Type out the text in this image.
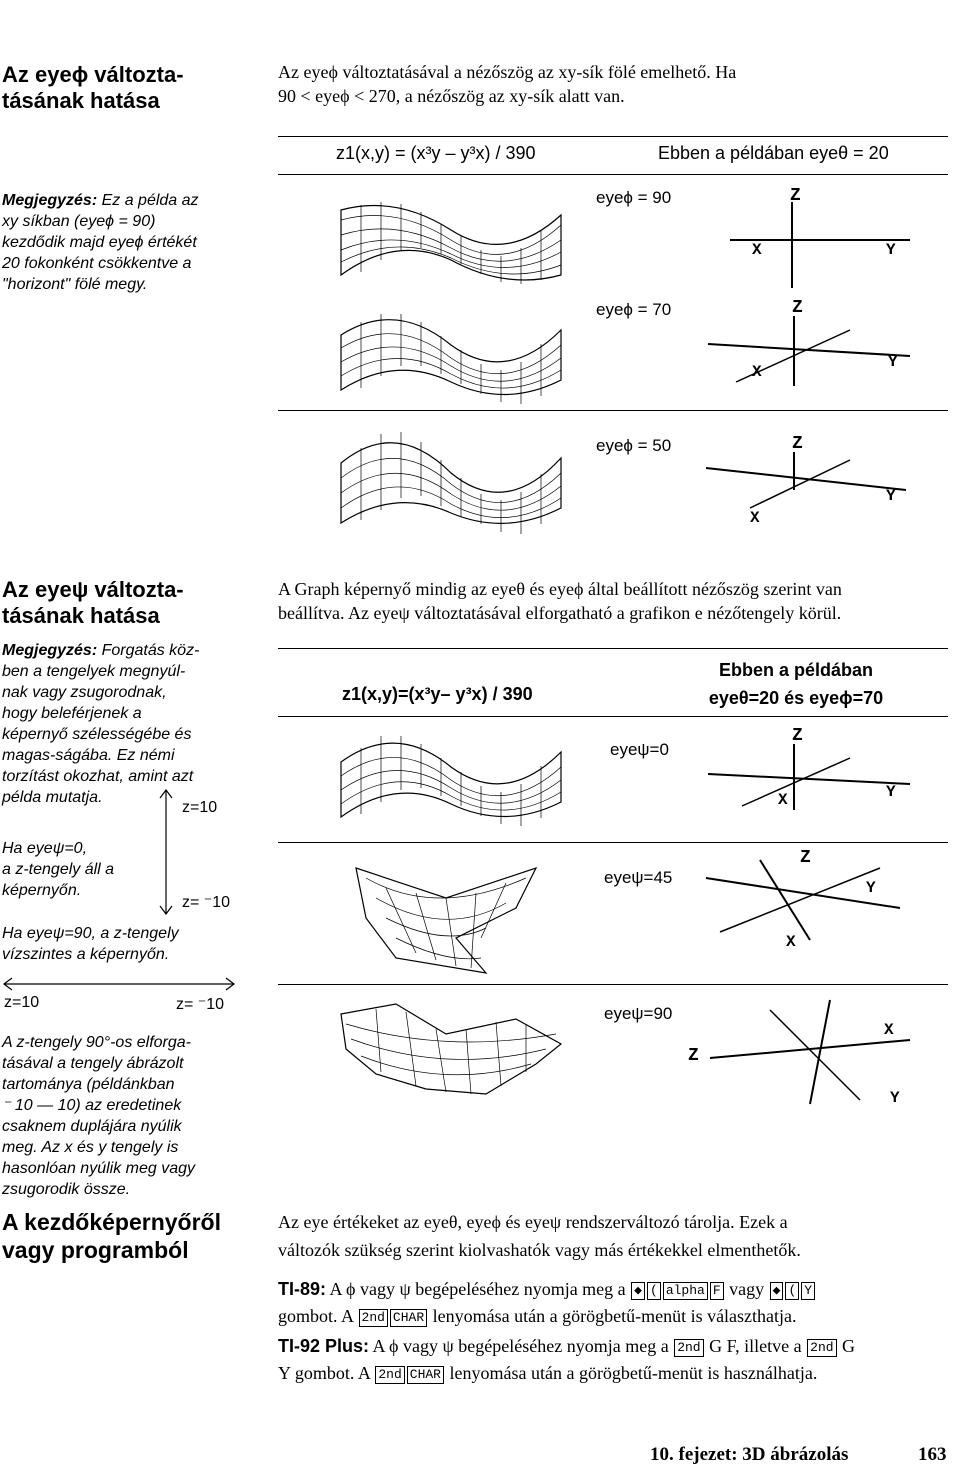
Az eyeϕ változta-
tásának hatása
Az eyeϕ változtatásával a nézőszög az xy-sík fölé emelhető. Ha
90 < eyeϕ < 270, a nézőszög az xy-sík alatt van.
Megjegyzés: Ez a példa az
xy síkban (eyeϕ = 90)
kezdődik majd eyeϕ értékét
20 fokonként csökkentve a
"horizont" fölé megy.
z1(x,y) = (x³y – y³x) / 390	Ebben a példában eyeθ = 20
eyeϕ = 90	Z
X	Y
eyeϕ = 70	Z
X
Y
eyeϕ = 50	Z
X
Y
Az eyeψ változta-
tásának hatása
A Graph képernyő mindig az eyeθ és eyeϕ által beállított nézőszög szerint van
beállítva. Az eyeψ változtatásával elforgatható a grafikon e nézőtengely körül.
Megjegyzés: Forgatás köz-
ben a tengelyek megnyúl-
nak vagy zsugorodnak,
hogy beleférjenek a
képernyő szélességébe és
magas-ságába. Ez némi
torzítást okozhat, amint azt
példa mutatja.
z=10
z= ⁻10
Ha eyeψ=0,
a z-tengely áll a
képernyőn.
Ha eyeψ=90, a z-tengely
vízszintes a képernyőn.
z=10	z= ⁻10
A z-tengely 90°-os elforga-
tásával a tengely ábrázolt
tartománya (példánkban
⁻ 10 — 10) az eredetinek
csaknem duplájára nyúlik
meg. Az x és y tengely is
hasonlóan nyúlik meg vagy
zsugorodik össze.
z1(x,y)=(x³y– y³x) / 390
Ebben a példában
eyeθ=20 és eyeϕ=70
eyeψ=0
Z
X	Y
eyeψ=45
Z
X
Y
eyeψ=90
Z
X
Y
A kezdőképernyőről
vagy programból
Az eye értékeket az eyeθ, eyeϕ és eyeψ rendszerváltozó tárolja. Ezek a
változók szükség szerint kiolvashatók vagy más értékekkel elmenthetők.
TI-89: A ϕ vagy ψ begépeléséhez nyomja meg a ◆ ( alpha F vagy ◆ ( Y
gombot. A 2nd CHAR lenyomása után a görögbetű-menüt is választhatja.
TI-92 Plus: A ϕ vagy ψ begépeléséhez nyomja meg a 2nd G F, illetve a 2nd G
Y gombot. A 2nd CHAR lenyomása után a görögbetű-menüt is használhatja.
10. fejezet: 3D ábrázolás	163
